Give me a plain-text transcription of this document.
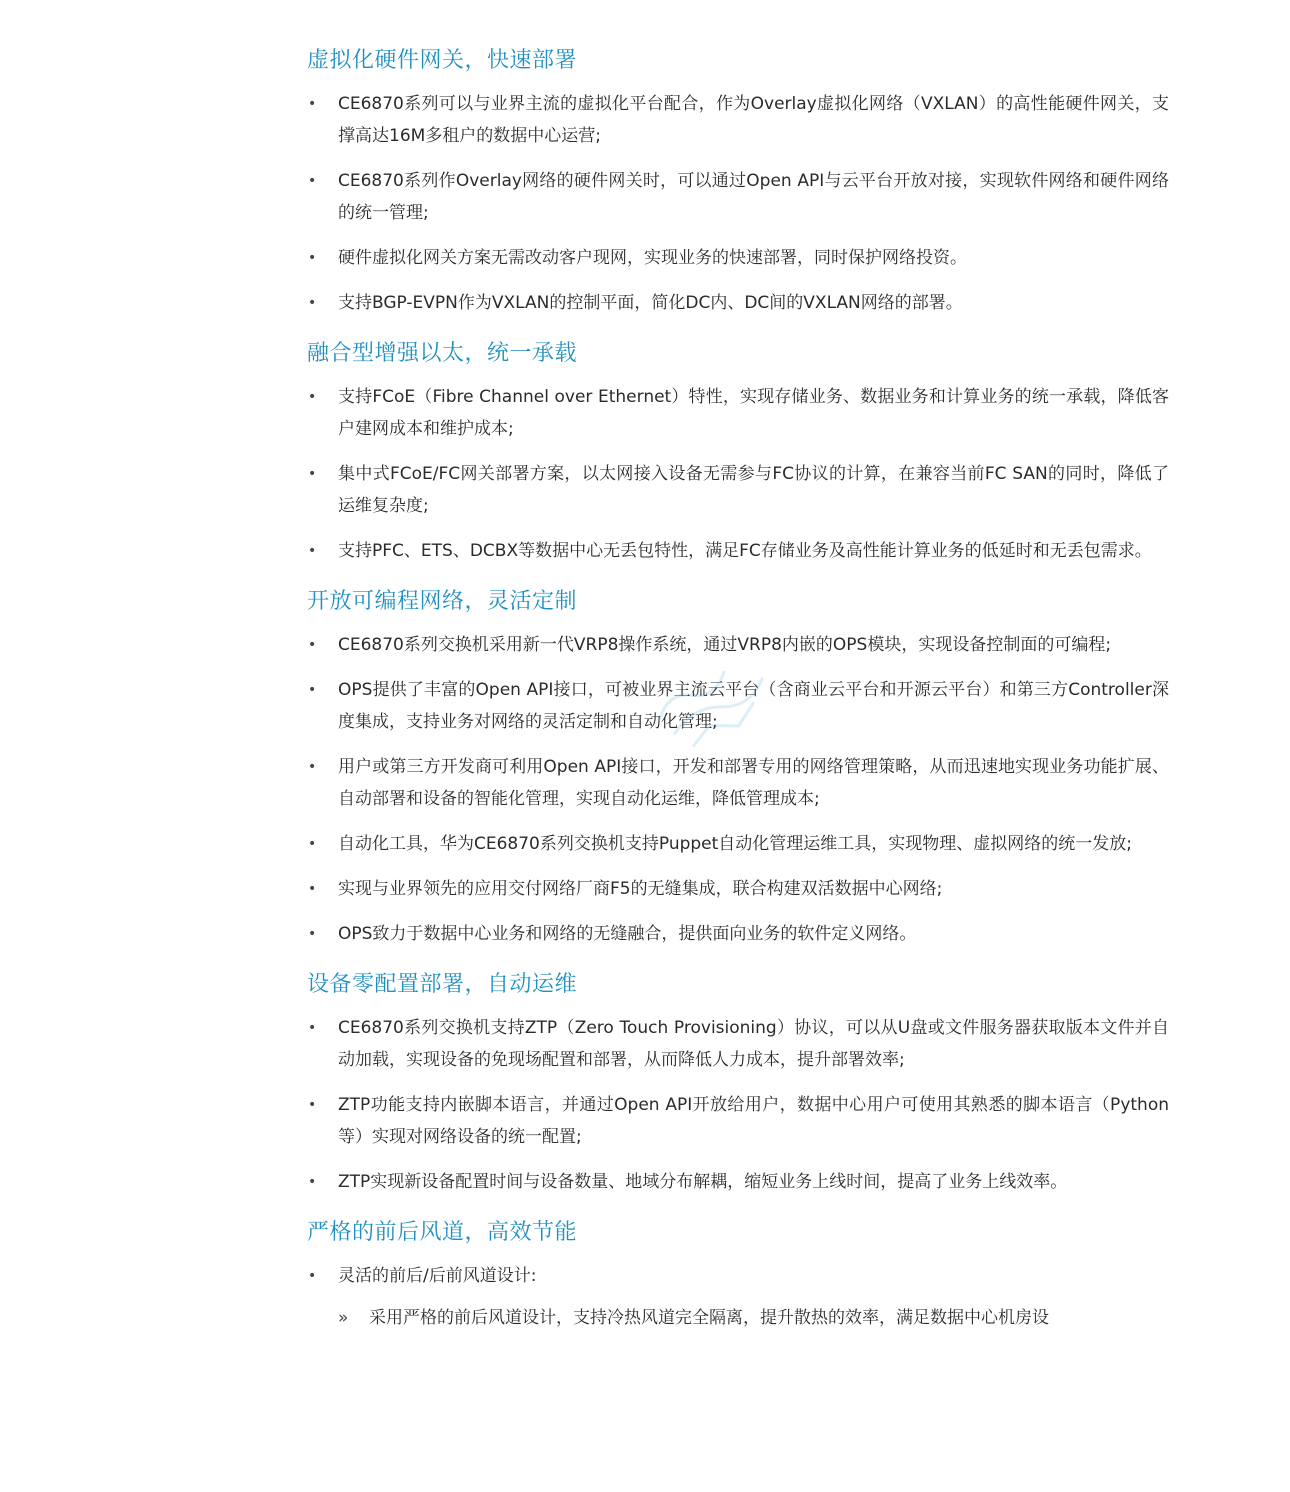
虚拟化硬件网关，快速部署
• CE6870系列可以与业界主流的虚拟化平台配合，作为Overlay虚拟化网络（VXLAN）的高性能硬件网关，支撑高达16M多租户的数据中心运营;
• CE6870系列作Overlay网络的硬件网关时，可以通过Open API与云平台开放对接，实现软件网络和硬件网络的统一管理;
• 硬件虚拟化网关方案无需改动客户现网，实现业务的快速部署，同时保护网络投资。
• 支持BGP-EVPN作为VXLAN的控制平面，简化DC内、DC间的VXLAN网络的部署。
融合型增强以太，统一承载
• 支持FCoE（Fibre Channel over Ethernet）特性，实现存储业务、数据业务和计算业务的统一承载，降低客户建网成本和维护成本;
• 集中式FCoE/FC网关部署方案，以太网接入设备无需参与FC协议的计算，在兼容当前FC SAN的同时，降低了运维复杂度;
• 支持PFC、ETS、DCBX等数据中心无丢包特性，满足FC存储业务及高性能计算业务的低延时和无丢包需求。
开放可编程网络，灵活定制
• CE6870系列交换机采用新一代VRP8操作系统，通过VRP8内嵌的OPS模块，实现设备控制面的可编程;
• OPS提供了丰富的Open API接口，可被业界主流云平台（含商业云平台和开源云平台）和第三方Controller深度集成，支持业务对网络的灵活定制和自动化管理;
• 用户或第三方开发商可利用Open API接口，开发和部署专用的网络管理策略，从而迅速地实现业务功能扩展、自动部署和设备的智能化管理，实现自动化运维，降低管理成本;
• 自动化工具，华为CE6870系列交换机支持Puppet自动化管理运维工具，实现物理、虚拟网络的统一发放;
• 实现与业界领先的应用交付网络厂商F5的无缝集成，联合构建双活数据中心网络;
• OPS致力于数据中心业务和网络的无缝融合，提供面向业务的软件定义网络。
设备零配置部署，自动运维
• CE6870系列交换机支持ZTP（Zero Touch Provisioning）协议，可以从U盘或文件服务器获取版本文件并自动加载，实现设备的免现场配置和部署，从而降低人力成本，提升部署效率;
• ZTP功能支持内嵌脚本语言，并通过Open API开放给用户，数据中心用户可使用其熟悉的脚本语言（Python等）实现对网络设备的统一配置;
• ZTP实现新设备配置时间与设备数量、地域分布解耦，缩短业务上线时间，提高了业务上线效率。
严格的前后风道，高效节能
• 灵活的前后/后前风道设计:
» 采用严格的前后风道设计，支持冷热风道完全隔离，提升散热的效率，满足数据中心机房设
